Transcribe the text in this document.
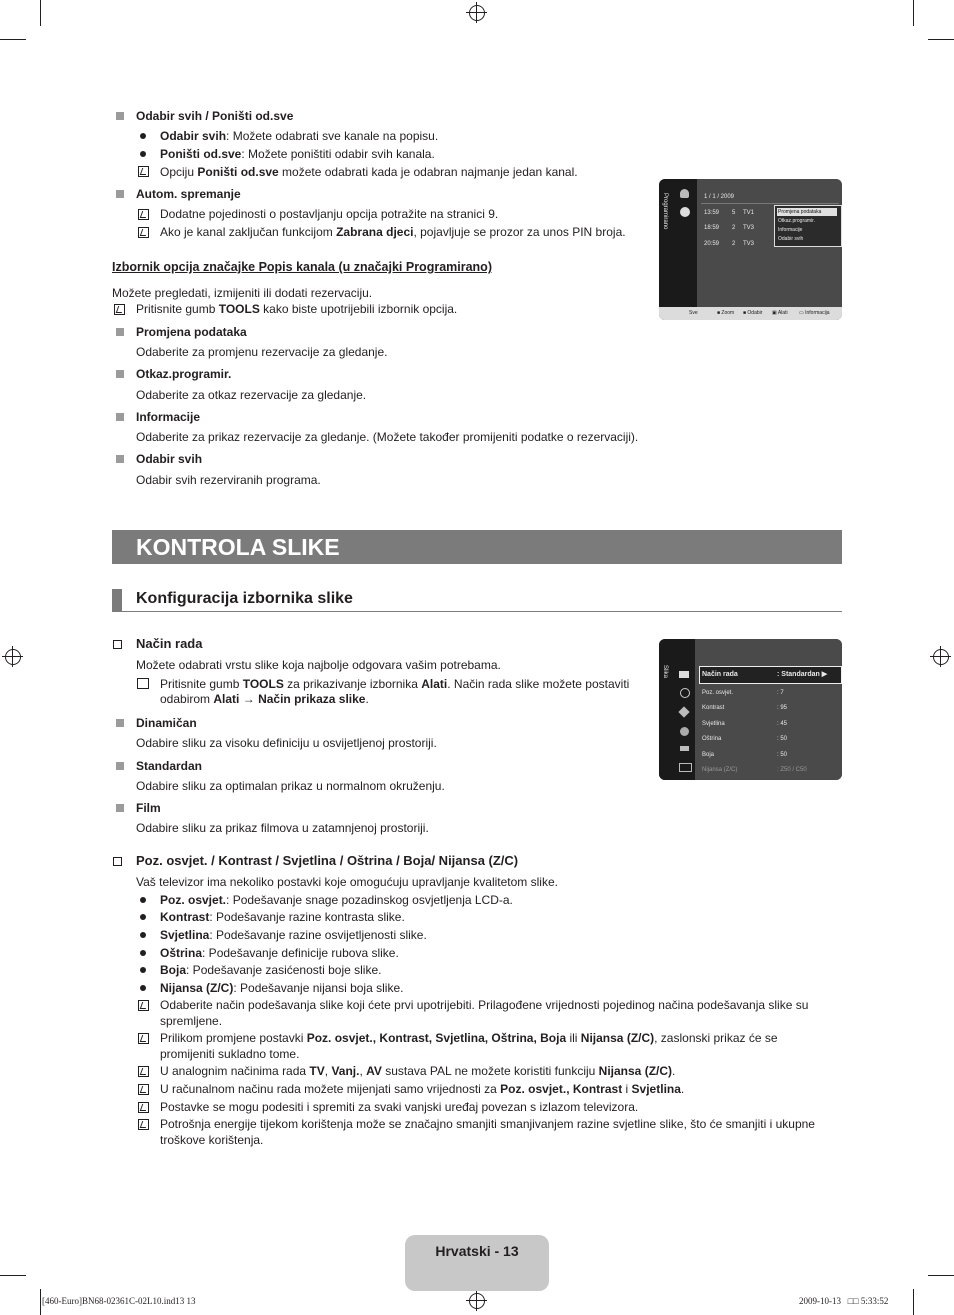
Odabir svih / Poništi od.sve
Odabir svih: Možete odabrati sve kanale na popisu.
Poništi od.sve: Možete poništiti odabir svih kanala.
Opciju Poništi od.sve možete odabrati kada je odabran najmanje jedan kanal.
Autom. spremanje
Dodatne pojedinosti o postavljanju opcija potražite na stranici 9.
Ako je kanal zaključan funkcijom Zabrana djeci, pojavljuje se prozor za unos PIN broja.
Programirano	1 / 1 / 2009
13:59 5 TV1
18:59 2 TV3
20:59 2 TV3
Promjena podataka
Otkaz.programir.
Informacije
Odabir svih
Sve	■ Zoom ■ Odabir ▣ Alati ▭ Informacija
Izbornik opcija značajke Popis kanala (u značajki Programirano)
Možete pregledati, izmijeniti ili dodati rezervaciju.
Pritisnite gumb TOOLS kako biste upotrijebili izbornik opcija.
Promjena podataka
Odaberite za promjenu rezervacije za gledanje.
Otkaz.programir.
Odaberite za otkaz rezervacije za gledanje.
Informacije
Odaberite za prikaz rezervacije za gledanje. (Možete također promijeniti podatke o rezervaciji).
Odabir svih
Odabir svih rezerviranih programa.
KONTROLA SLIKE
Konfiguracija izbornika slike
Način rada
Možete odabrati vrstu slike koja najbolje odgovara vašim potrebama.
Pritisnite gumb TOOLS za prikazivanje izbornika Alati. Način rada slike možete postaviti
odabirom Alati → Način prikaza slike.
Dinamičan
Odabire sliku za visoku definiciju u osvijetljenoj prostoriji.
Standardan
Odabire sliku za optimalan prikaz u normalnom okruženju.
Film
Odabire sliku za prikaz filmova u zatamnjenoj prostoriji.
Slika	Način rada	: Standardan ▶
Poz. osvjet.	: 7
Kontrast	: 95
Svjetlina	: 45
Oštrina	: 50
Boja	: 50
Nijansa (Z/C)	: Z50 / C50
Poz. osvjet. / Kontrast / Svjetlina / Oštrina / Boja/ Nijansa (Z/C)
Vaš televizor ima nekoliko postavki koje omogućuju upravljanje kvalitetom slike.
Poz. osvjet.: Podešavanje snage pozadinskog osvjetljenja LCD-a.
Kontrast: Podešavanje razine kontrasta slike.
Svjetlina: Podešavanje razine osvijetljenosti slike.
Oštrina: Podešavanje definicije rubova slike.
Boja: Podešavanje zasićenosti boje slike.
Nijansa (Z/C): Podešavanje nijansi boja slike.
Odaberite način podešavanja slike koji ćete prvi upotrijebiti. Prilagođene vrijednosti pojedinog načina podešavanja slike su
spremljene.
Prilikom promjene postavki Poz. osvjet., Kontrast, Svjetlina, Oštrina, Boja ili Nijansa (Z/C), zaslonski prikaz će se
promijeniti sukladno tome.
U analognim načinima rada TV, Vanj., AV sustava PAL ne možete koristiti funkciju Nijansa (Z/C).
U računalnom načinu rada možete mijenjati samo vrijednosti za Poz. osvjet., Kontrast i Svjetlina.
Postavke se mogu podesiti i spremiti za svaki vanjski uređaj povezan s izlazom televizora.
Potrošnja energije tijekom korištenja može se značajno smanjiti smanjivanjem razine svjetline slike, što će smanjiti i ukupne
troškove korištenja.
Hrvatski - 13
[460-Euro]BN68-02361C-02L10.ind13 13	2009-10-13 □□ 5:33:52
